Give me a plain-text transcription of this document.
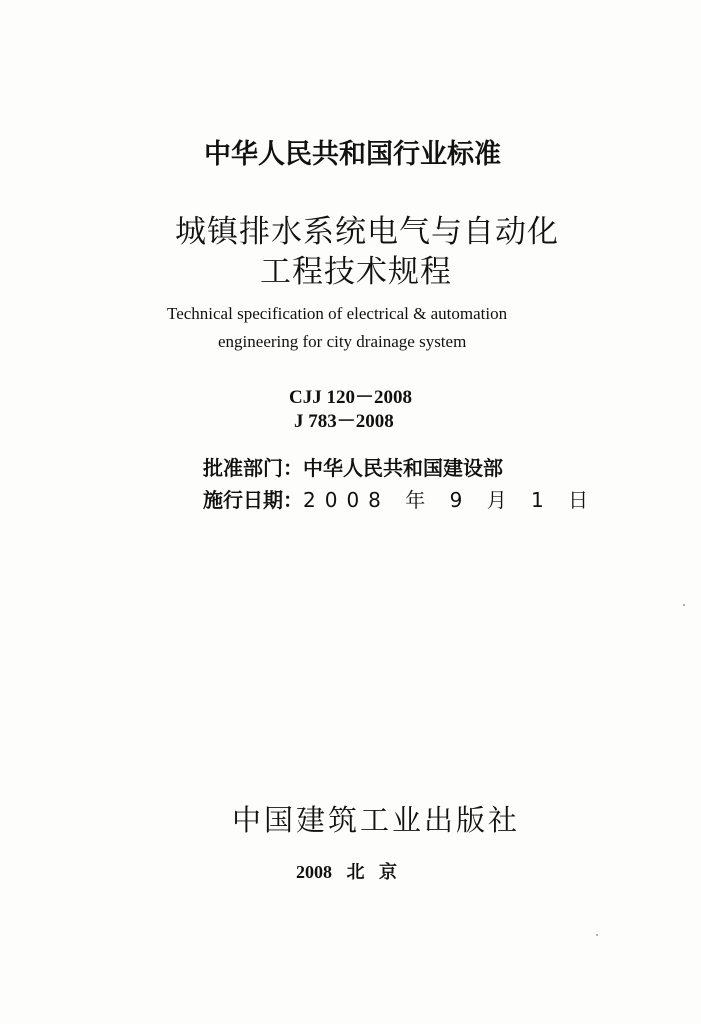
中华人民共和国行业标准
城镇排水系统电气与自动化
工程技术规程
Technical specification of electrical & automation
engineering for city drainage system
CJJ 120－2008
J 783－2008
批准部门：中华人民共和国建设部
施行日期：2008 年 9 月 1 日
中国建筑工业出版社
2008 北 京
